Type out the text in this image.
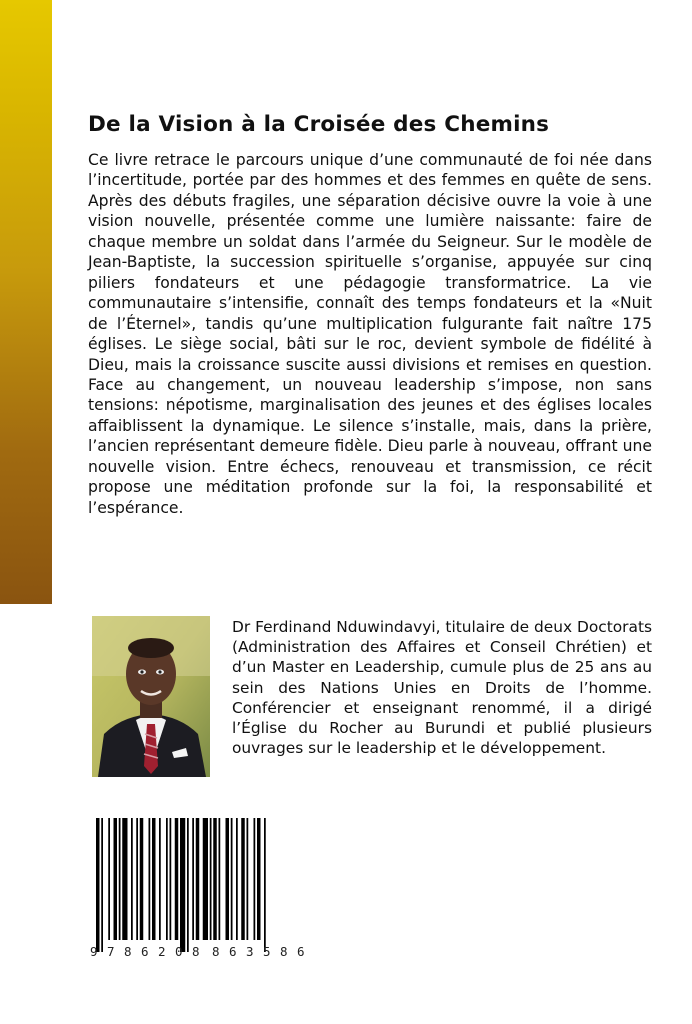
De la Vision à la Croisée des Chemins
Ce livre retrace le parcours unique d’une communauté de foi née dans l’incertitude, portée par des hommes et des femmes en quête de sens. Après des débuts fragiles, une séparation décisive ouvre la voie à une vision nouvelle, présentée comme une lumière naissante: faire de chaque membre un soldat dans l’armée du Seigneur. Sur le modèle de Jean-Baptiste, la succession spirituelle s’organise, appuyée sur cinq piliers fondateurs et une pédagogie transformatrice. La vie communautaire s’intensifie, connaît des temps fondateurs et la «Nuit de l’Éternel», tandis qu’une multiplication fulgurante fait naître 175 églises. Le siège social, bâti sur le roc, devient symbole de fidélité à Dieu, mais la croissance suscite aussi divisions et remises en question. Face au changement, un nouveau leadership s’impose, non sans tensions: népotisme, marginalisation des jeunes et des églises locales affaiblissent la dynamique. Le silence s’installe, mais, dans la prière, l’ancien représentant demeure fidèle. Dieu parle à nouveau, offrant une nouvelle vision. Entre échecs, renouveau et transmission, ce récit propose une méditation profonde sur la foi, la responsabilité et l’espérance.
Dr Ferdinand Nduwindavyi, titulaire de deux Doctorats (Administration des Affaires et Conseil Chrétien) et d’un Master en Leadership, cumule plus de 25 ans au sein des Nations Unies en Droits de l’homme. Conférencier et enseignant renommé, il a dirigé l’Église du Rocher au Burundi et publié plusieurs ouvrages sur le leadership et le développement.
9 7 8 6 2 0 8 8 6 3 5 8 6
